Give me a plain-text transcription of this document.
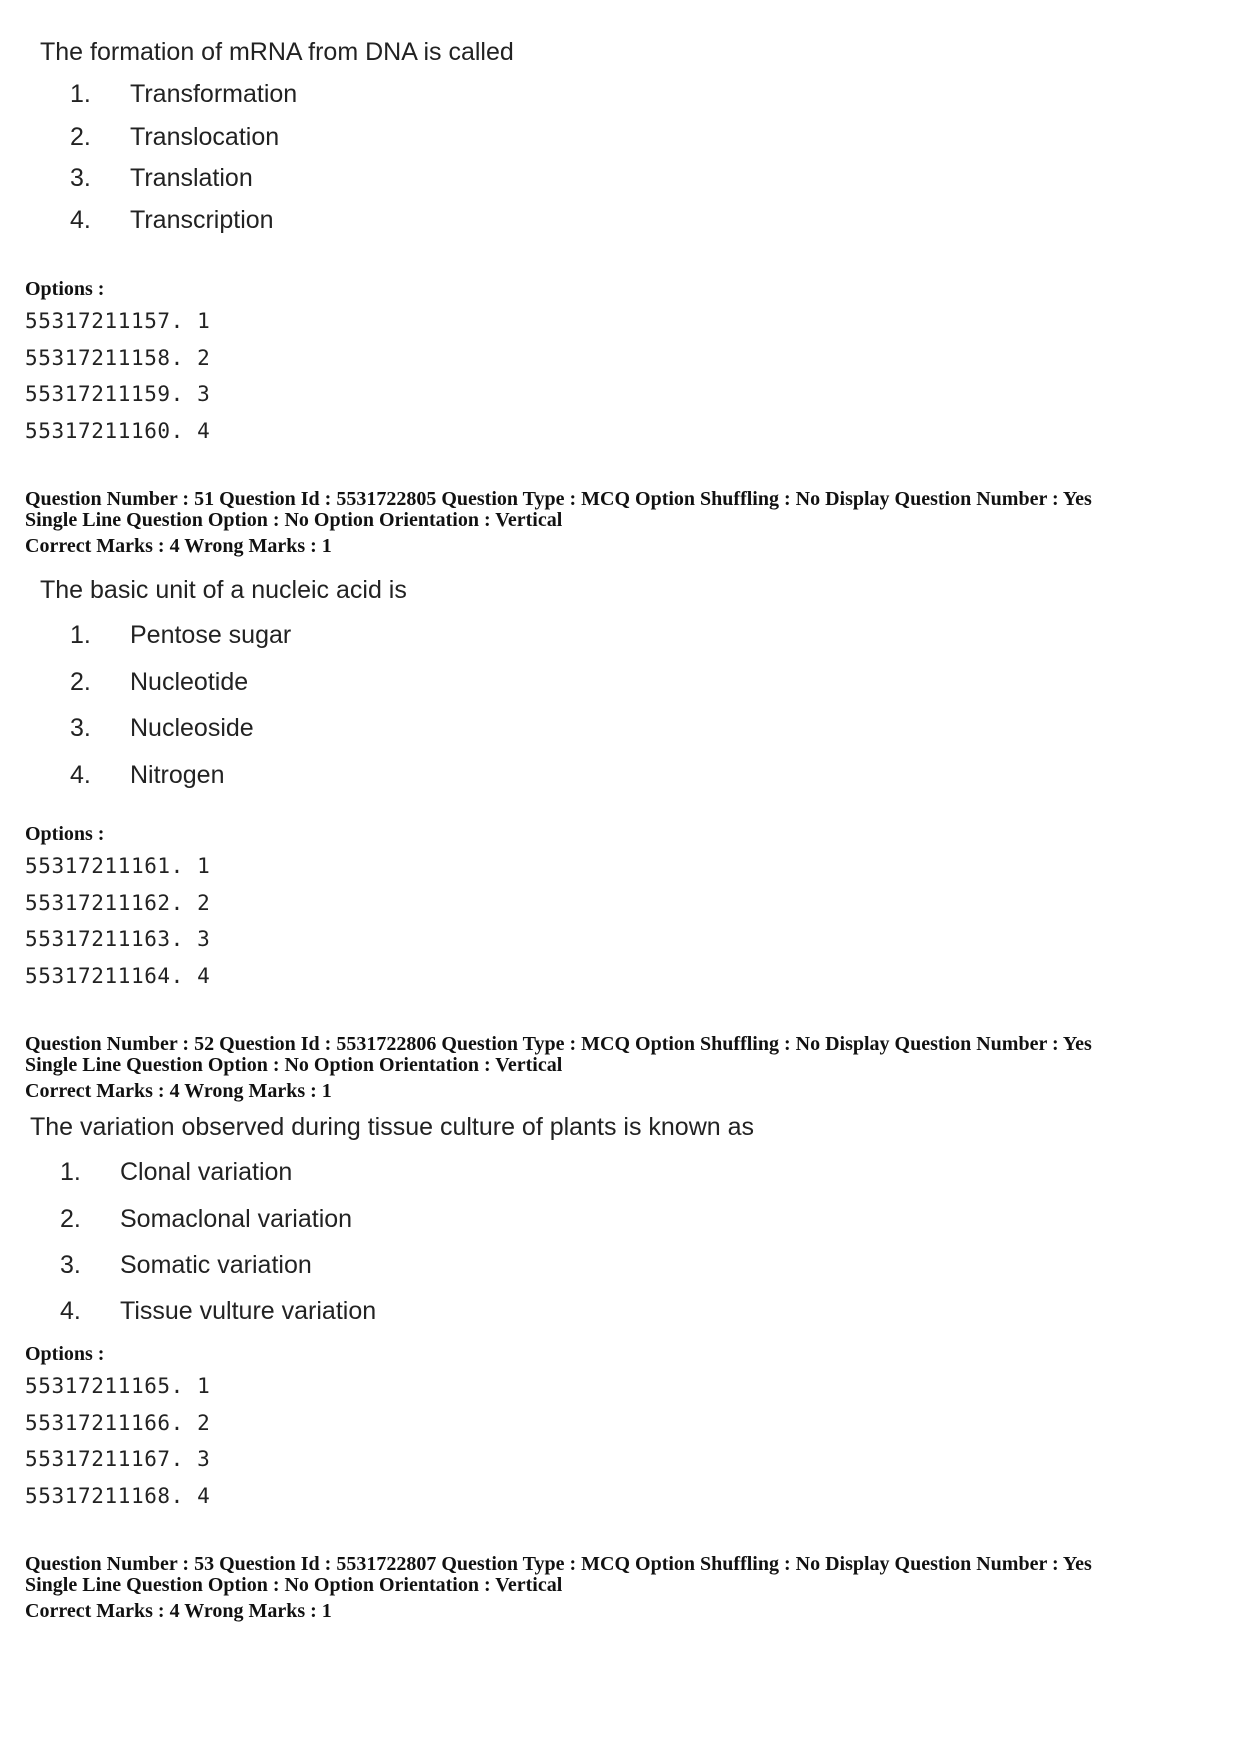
The formation of mRNA from DNA is called
1. Transformation
2. Translocation
3. Translation
4. Transcription
Options :
55317211157. 1
55317211158. 2
55317211159. 3
55317211160. 4
Question Number : 51 Question Id : 5531722805 Question Type : MCQ Option Shuffling : No Display Question Number : Yes
Single Line Question Option : No Option Orientation : Vertical
Correct Marks : 4 Wrong Marks : 1
The basic unit of a nucleic acid is
1. Pentose sugar
2. Nucleotide
3. Nucleoside
4. Nitrogen
Options :
55317211161. 1
55317211162. 2
55317211163. 3
55317211164. 4
Question Number : 52 Question Id : 5531722806 Question Type : MCQ Option Shuffling : No Display Question Number : Yes
Single Line Question Option : No Option Orientation : Vertical
Correct Marks : 4 Wrong Marks : 1
The variation observed during tissue culture of plants is known as
1. Clonal variation
2. Somaclonal variation
3. Somatic variation
4. Tissue vulture variation
Options :
55317211165. 1
55317211166. 2
55317211167. 3
55317211168. 4
Question Number : 53 Question Id : 5531722807 Question Type : MCQ Option Shuffling : No Display Question Number : Yes
Single Line Question Option : No Option Orientation : Vertical
Correct Marks : 4 Wrong Marks : 1
